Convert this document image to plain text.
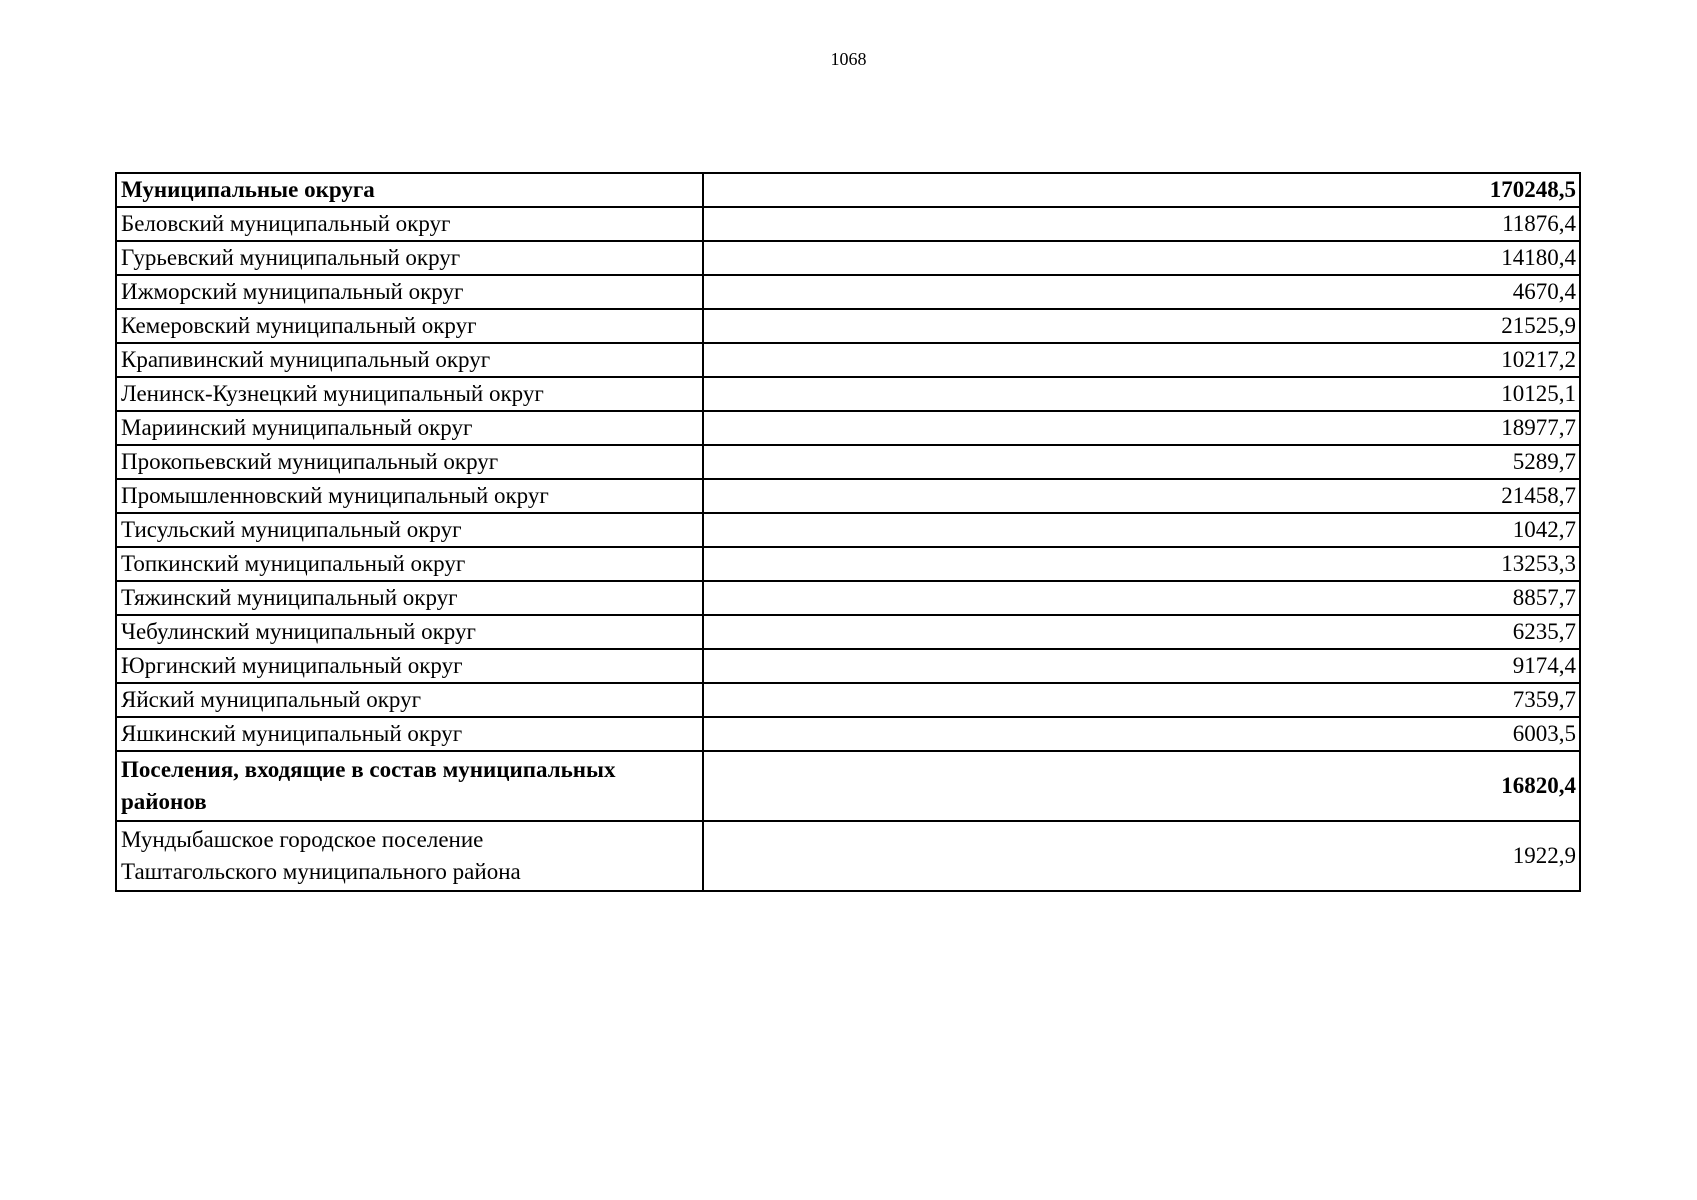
1068
Муниципальные округа	170248,5
Беловский муниципальный округ	11876,4
Гурьевский муниципальный округ	14180,4
Ижморский муниципальный округ	4670,4
Кемеровский муниципальный округ	21525,9
Крапивинский муниципальный округ	10217,2
Ленинск-Кузнецкий муниципальный округ	10125,1
Мариинский муниципальный округ	18977,7
Прокопьевский муниципальный округ	5289,7
Промышленновский муниципальный округ	21458,7
Тисульский муниципальный округ	1042,7
Топкинский муниципальный округ	13253,3
Тяжинский муниципальный округ	8857,7
Чебулинский муниципальный округ	6235,7
Юргинский муниципальный округ	9174,4
Яйский муниципальный округ	7359,7
Яшкинский муниципальный округ	6003,5

Поселения, входящие в состав муниципальных
районов	16820,4

Мундыбашское городское поселение
Таштагольского муниципального района	1922,9
